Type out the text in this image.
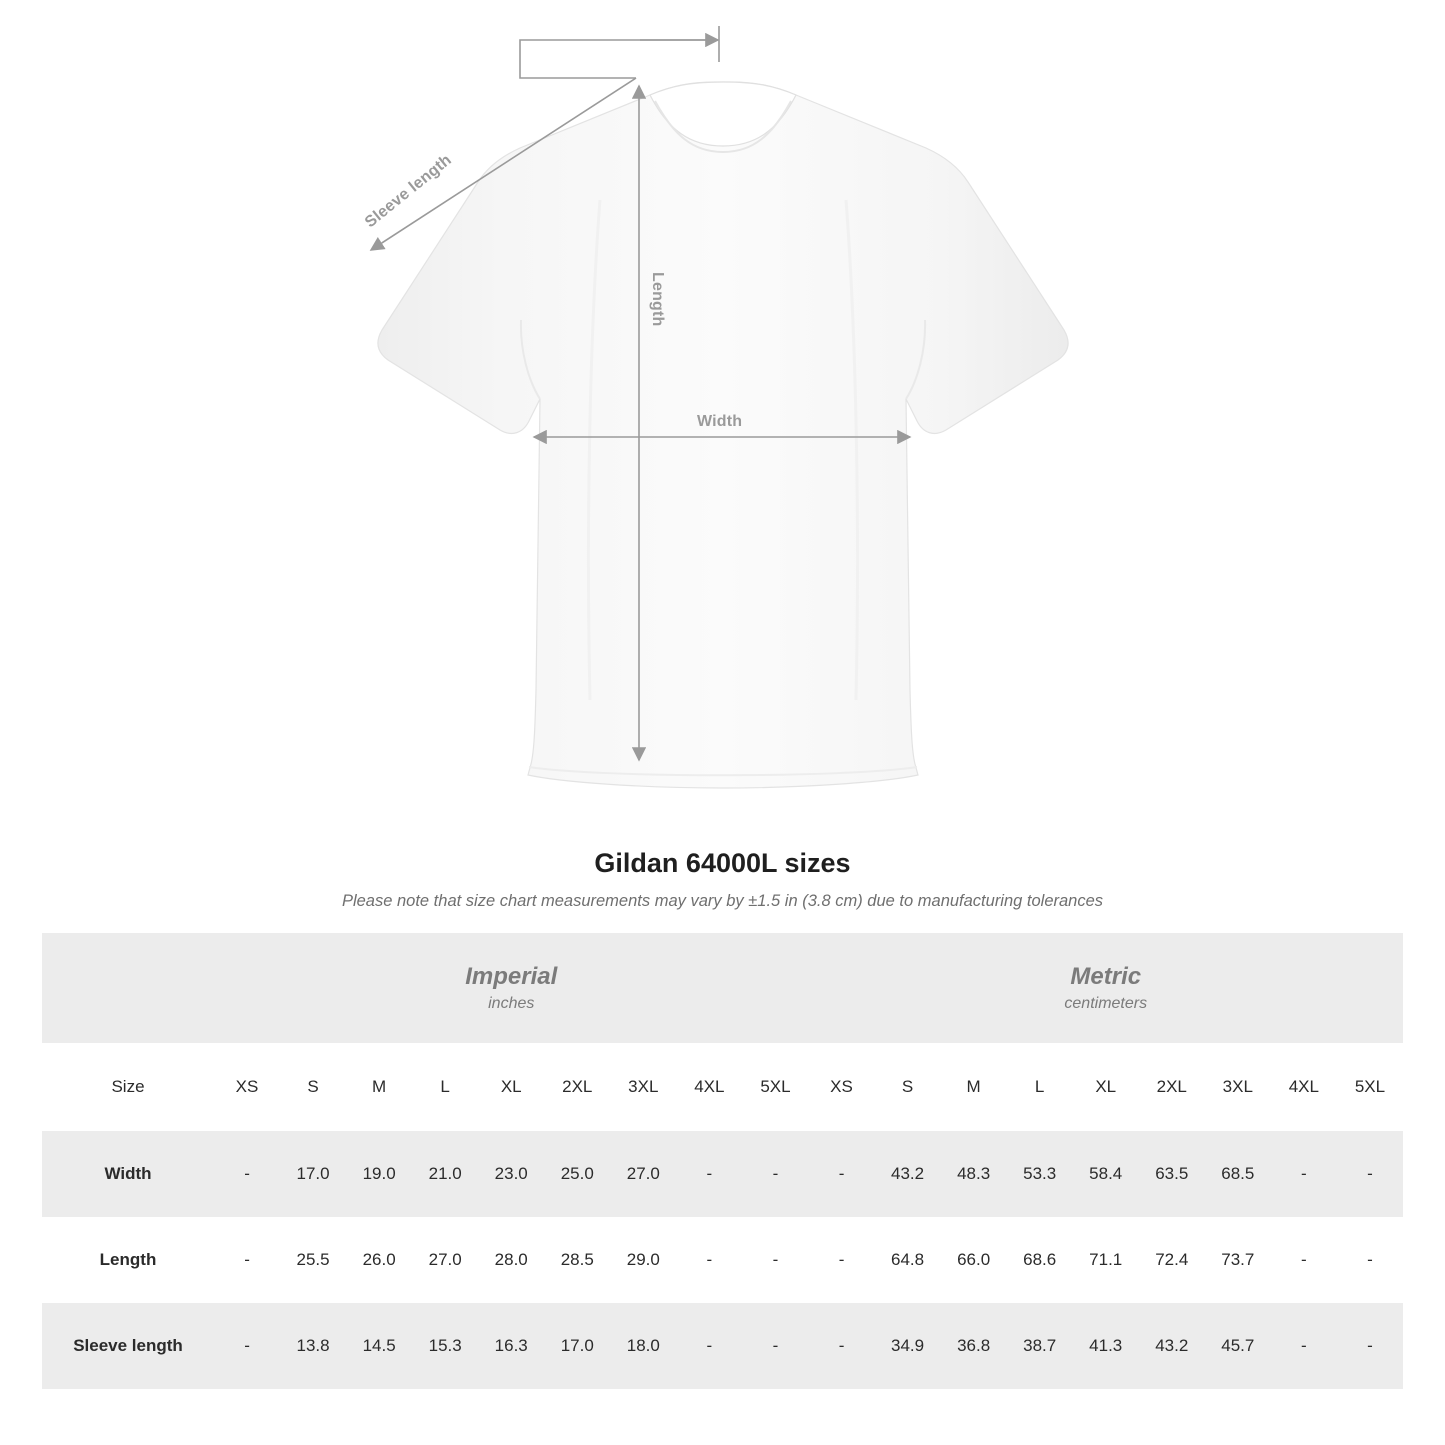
Length
Width
Sleeve length
Gildan 64000L sizes
Please note that size chart measurements may vary by ±1.5 in (3.8 cm) due to manufacturing tolerances

Imperial
inches

Metric
centimeters

Size	XS	S	M	L	XL	2XL	3XL	4XL	5XL	XS	S	M	L	XL	2XL	3XL	4XL	5XL
Width	-	17.0	19.0	21.0	23.0	25.0	27.0	-	-	-	43.2	48.3	53.3	58.4	63.5	68.5	-	-
Length	-	25.5	26.0	27.0	28.0	28.5	29.0	-	-	-	64.8	66.0	68.6	71.1	72.4	73.7	-	-
Sleeve length	-	13.8	14.5	15.3	16.3	17.0	18.0	-	-	-	34.9	36.8	38.7	41.3	43.2	45.7	-	-
